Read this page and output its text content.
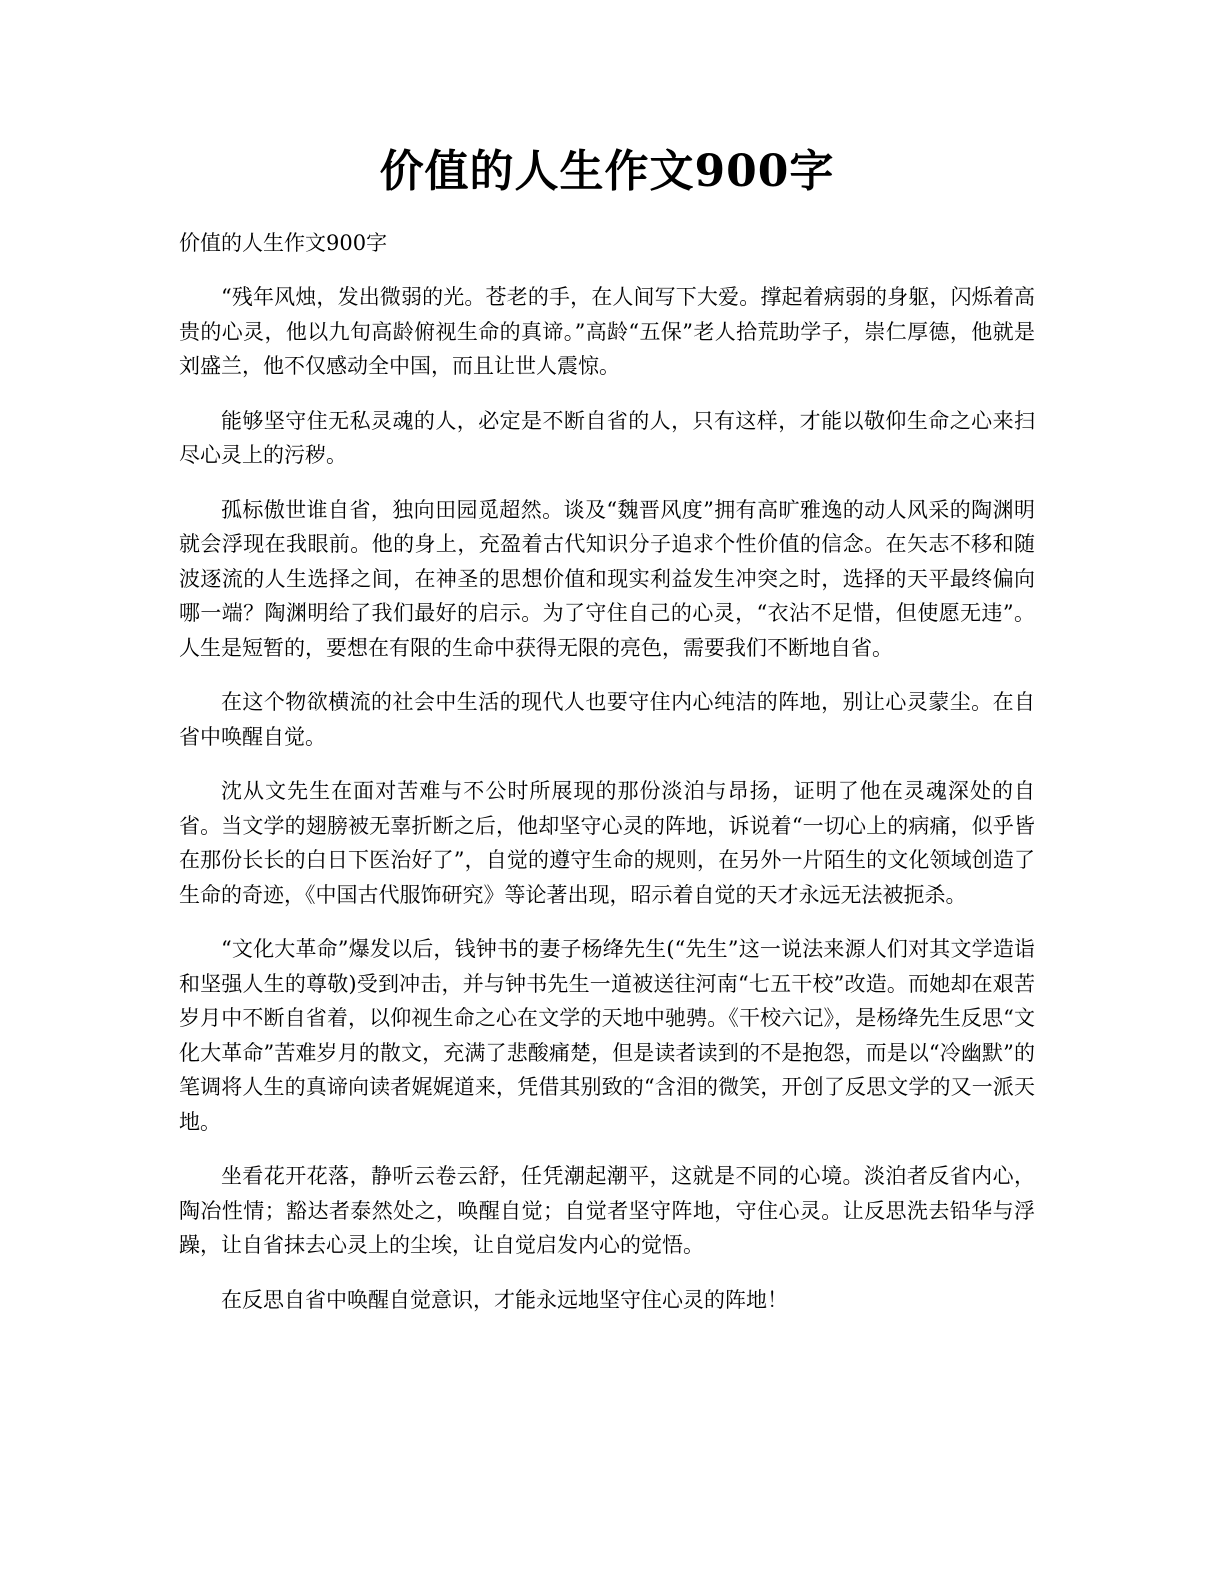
价值的人生作文900字

价值的人生作文900字

“残年风烛，发出微弱的光。苍老的手，在人间写下大爱。撑起着病弱的身躯，闪烁着高贵的心灵，他以九旬高龄俯视生命的真谛。”高龄“五保”老人拾荒助学子，崇仁厚德，他就是刘盛兰，他不仅感动全中国，而且让世人震惊。

能够坚守住无私灵魂的人，必定是不断自省的人，只有这样，才能以敬仰生命之心来扫尽心灵上的污秽。

孤标傲世谁自省，独向田园觅超然。谈及“魏晋风度”拥有高旷雅逸的动人风采的陶渊明就会浮现在我眼前。他的身上，充盈着古代知识分子追求个性价值的信念。在矢志不移和随波逐流的人生选择之间，在神圣的思想价值和现实利益发生冲突之时，选择的天平最终偏向哪一端？陶渊明给了我们最好的启示。为了守住自己的心灵，“衣沾不足惜，但使愿无违”。人生是短暂的，要想在有限的生命中获得无限的亮色，需要我们不断地自省。

在这个物欲横流的社会中生活的现代人也要守住内心纯洁的阵地，别让心灵蒙尘。在自省中唤醒自觉。

沈从文先生在面对苦难与不公时所展现的那份淡泊与昂扬，证明了他在灵魂深处的自省。当文学的翅膀被无辜折断之后，他却坚守心灵的阵地，诉说着“一切心上的病痛，似乎皆在那份长长的白日下医治好了”，自觉的遵守生命的规则，在另外一片陌生的文化领域创造了生命的奇迹，《中国古代服饰研究》等论著出现，昭示着自觉的天才永远无法被扼杀。

“文化大革命”爆发以后，钱钟书的妻子杨绛先生(“先生”这一说法来源人们对其文学造诣和坚强人生的尊敬)受到冲击，并与钟书先生一道被送往河南“七五干校”改造。而她却在艰苦岁月中不断自省着，以仰视生命之心在文学的天地中驰骋。《干校六记》，是杨绛先生反思“文化大革命”苦难岁月的散文，充满了悲酸痛楚，但是读者读到的不是抱怨，而是以“冷幽默”的笔调将人生的真谛向读者娓娓道来，凭借其别致的“含泪的微笑，开创了反思文学的又一派天地。

坐看花开花落，静听云卷云舒，任凭潮起潮平，这就是不同的心境。淡泊者反省内心，陶冶性情；豁达者泰然处之，唤醒自觉；自觉者坚守阵地，守住心灵。让反思洗去铅华与浮躁，让自省抹去心灵上的尘埃，让自觉启发内心的觉悟。

在反思自省中唤醒自觉意识，才能永远地坚守住心灵的阵地！
